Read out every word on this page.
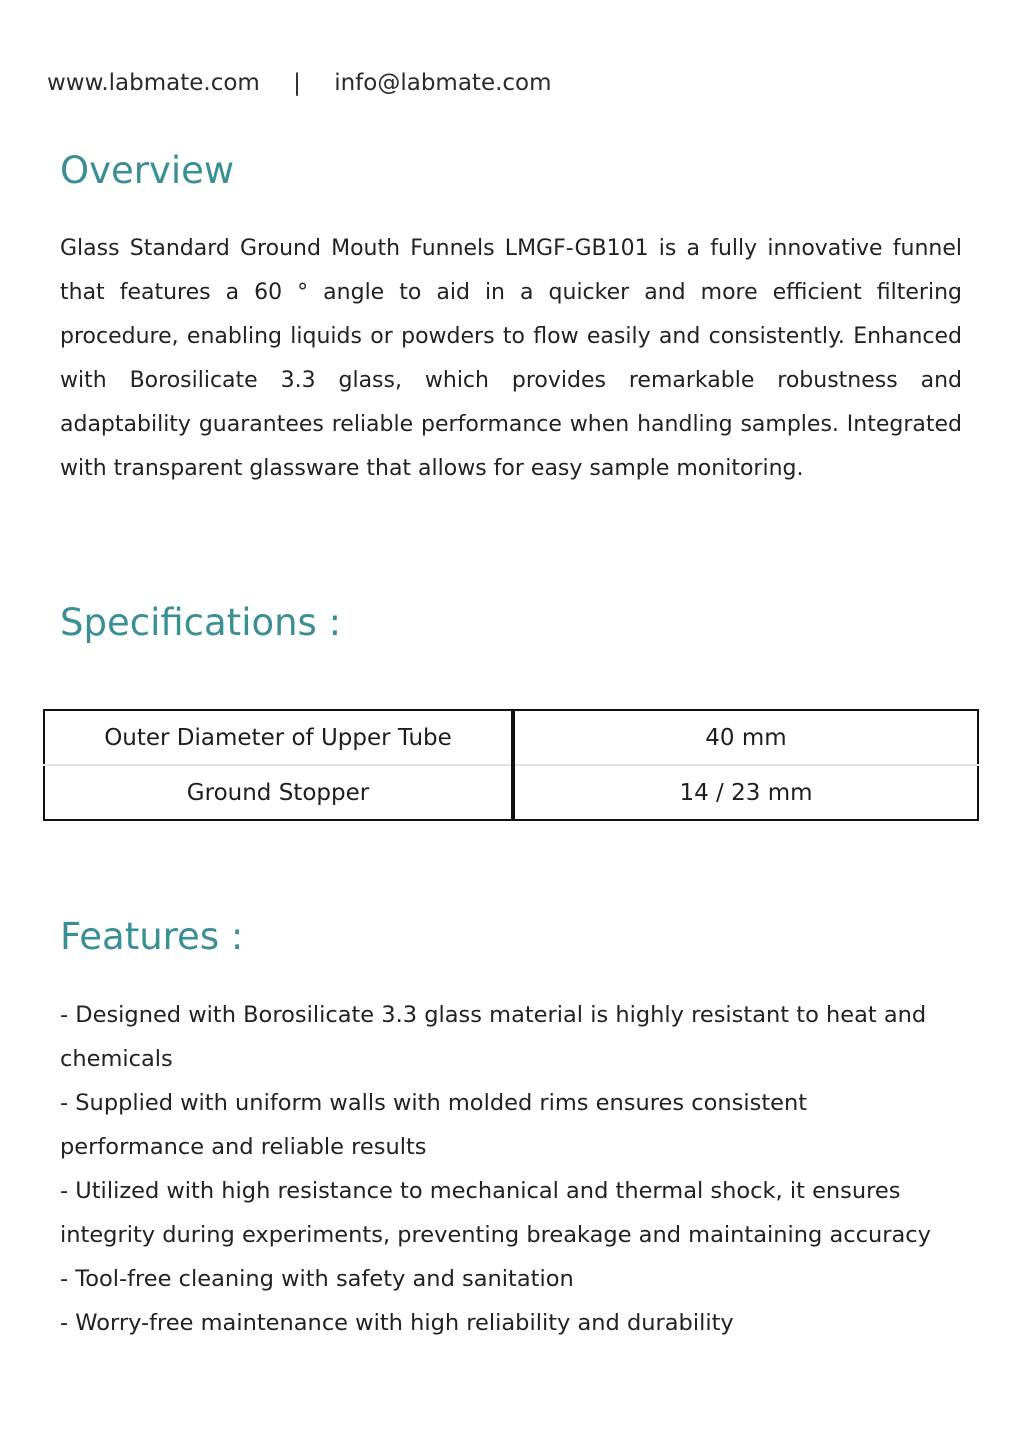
www.labmate.com | info@labmate.com
Overview

Glass Standard Ground Mouth Funnels LMGF-GB101 is a fully innovative funnel that features a 60 ° angle to aid in a quicker and more efficient filtering procedure, enabling liquids or powders to flow easily and consistently. Enhanced with Borosilicate 3.3 glass, which provides remarkable robustness and adaptability guarantees reliable performance when handling samples. Integrated with transparent glassware that allows for easy sample monitoring.

Specifications :
Outer Diameter of Upper Tube	40 mm
Ground Stopper	14 / 23 mm
Features :
- Designed with Borosilicate 3.3 glass material is highly resistant to heat and chemicals
- Supplied with uniform walls with molded rims ensures consistent performance and reliable results
- Utilized with high resistance to mechanical and thermal shock, it ensures integrity during experiments, preventing breakage and maintaining accuracy
- Tool-free cleaning with safety and sanitation
- Worry-free maintenance with high reliability and durability
